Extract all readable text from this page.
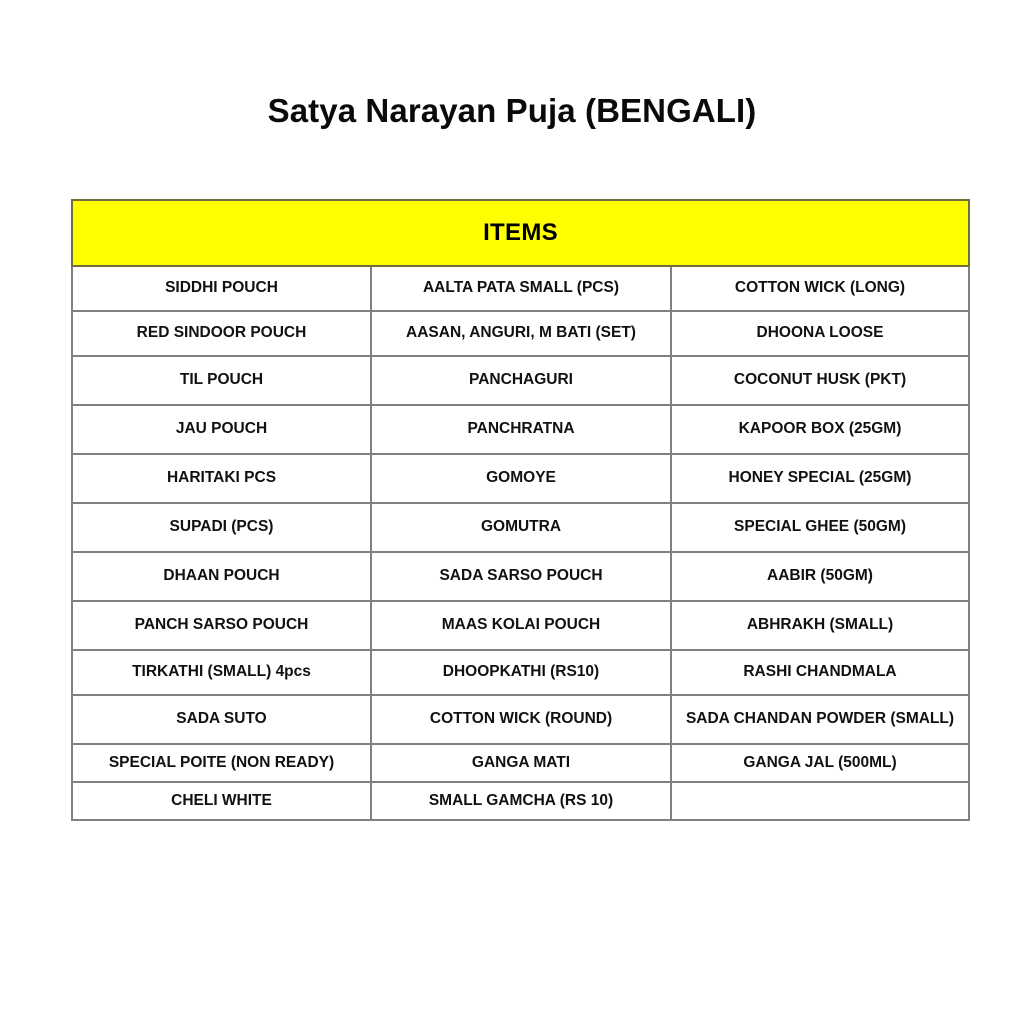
Satya Narayan Puja (BENGALI)
ITEMS		
SIDDHI POUCH	AALTA PATA SMALL (PCS)	COTTON WICK (LONG)
RED SINDOOR POUCH	AASAN, ANGURI, M BATI (SET)	DHOONA LOOSE
TIL POUCH	PANCHAGURI	COCONUT HUSK (PKT)
JAU POUCH	PANCHRATNA	KAPOOR BOX (25GM)
HARITAKI PCS	GOMOYE	HONEY SPECIAL (25GM)
SUPADI (PCS)	GOMUTRA	SPECIAL GHEE (50GM)
DHAAN POUCH	SADA SARSO POUCH	AABIR (50GM)
PANCH SARSO POUCH	MAAS KOLAI POUCH	ABHRAKH (SMALL)
TIRKATHI (SMALL) 4pcs	DHOOPKATHI (RS10)	RASHI CHANDMALA
SADA SUTO	COTTON WICK (ROUND)	SADA CHANDAN POWDER (SMALL)
SPECIAL POITE (NON READY)	GANGA MATI	GANGA JAL (500ML)
CHELI WHITE	SMALL GAMCHA (RS 10)	
